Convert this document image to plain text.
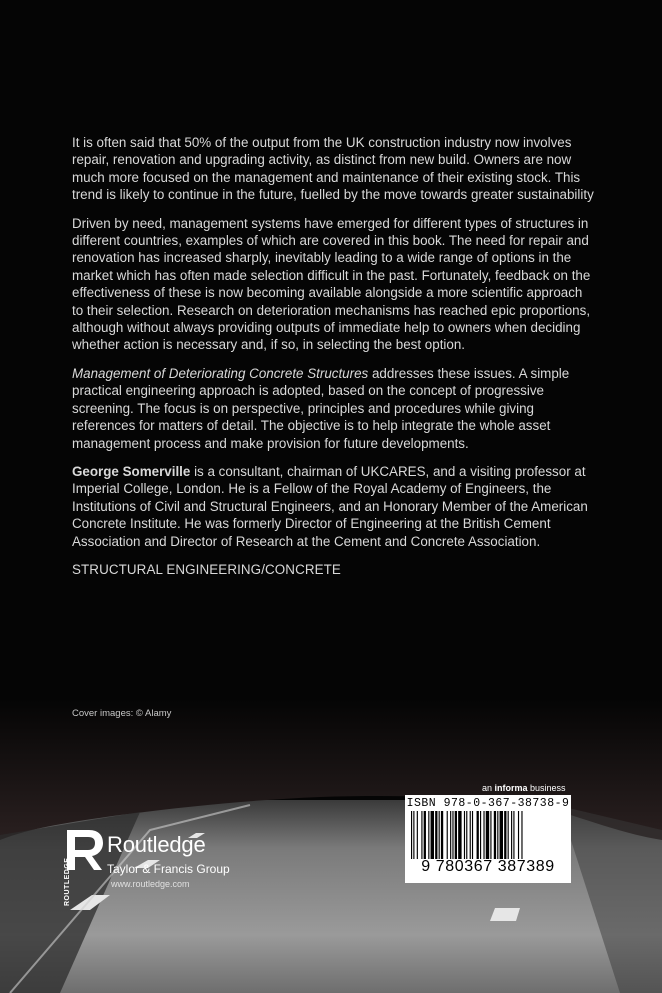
It is often said that 50% of the output from the UK construction industry now involves repair, renovation and upgrading activity, as distinct from new build. Owners are now much more focused on the management and maintenance of their existing stock. This trend is likely to continue in the future, fuelled by the move towards greater sustainability

Driven by need, management systems have emerged for different types of structures in different countries, examples of which are covered in this book. The need for repair and renovation has increased sharply, inevitably leading to a wide range of options in the market which has often made selection difficult in the past. Fortunately, feedback on the effectiveness of these is now becoming available alongside a more scientific approach to their selection. Research on deterioration mechanisms has reached epic proportions, although without always providing outputs of immediate help to owners when deciding whether action is necessary and, if so, in selecting the best option.

Management of Deteriorating Concrete Structures addresses these issues. A simple practical engineering approach is adopted, based on the concept of progressive screening. The focus is on perspective, principles and procedures while giving references for matters of detail. The objective is to help integrate the whole asset management process and make provision for future developments.

George Somerville is a consultant, chairman of UKCARES, and a visiting professor at Imperial College, London. He is a Fellow of the Royal Academy of Engineers, the Institutions of Civil and Structural Engineers, and an Honorary Member of the American Concrete Institute. He was formerly Director of Engineering at the British Cement Association and Director of Research at the Cement and Concrete Association.

STRUCTURAL ENGINEERING/CONCRETE

Cover images: © Alamy
an informa business
ISBN 978-0-367-38738-9
9 780367 387389
ROUTLEDGE
Routledge
Taylor & Francis Group
www.routledge.com
